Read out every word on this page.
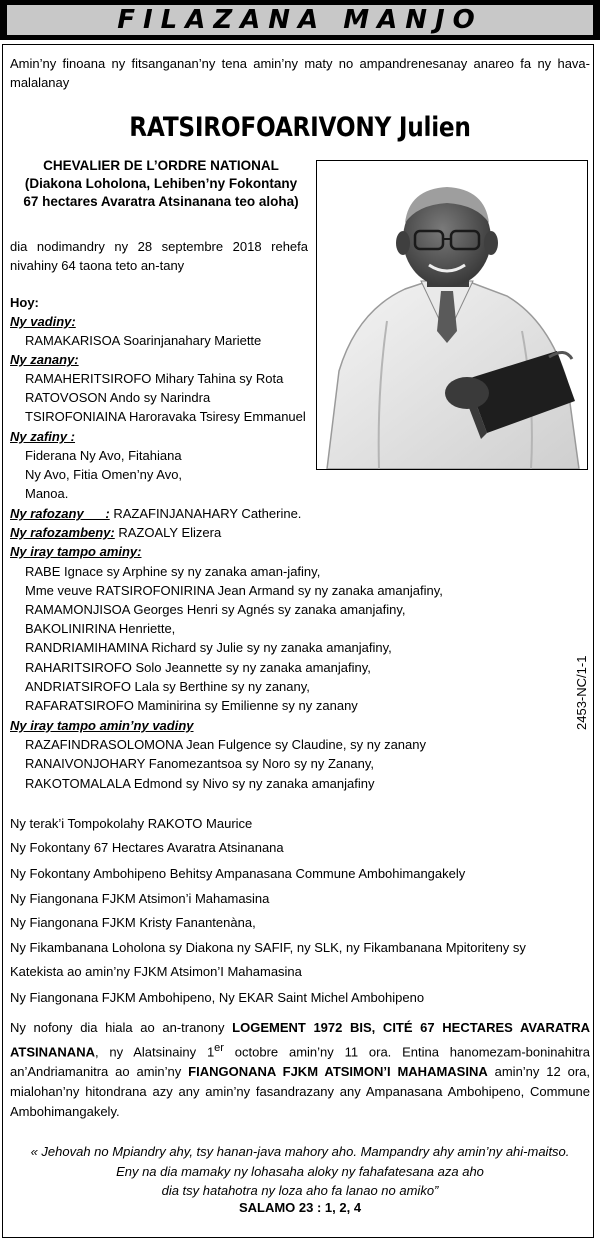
FILAZANA MANJO
Amin’ny finoana ny fitsanganan’ny tena amin’ny maty no ampandrenesanay anareo fa ny hava-malalanay
RATSIROFOARIVONY Julien
CHEVALIER DE L’ORDRE NATIONAL
(Diakona Loholona, Lehiben’ny Fokontany
67 hectares Avaratra Atsinanana teo aloha)
dia nodimandry ny 28 septembre 2018 rehefa nivahiny 64 taona teto an-tany
Hoy:
Ny vadiny:
RAMAKARISOA Soarinjanahary Mariette
Ny zanany:
RAMAHERITSIROFO Mihary Tahina sy Rota
RATOVOSON Ando sy Narindra
TSIROFONIAINA Haroravaka Tsiresy Emmanuel
Ny zafiny :
Fiderana Ny Avo, Fitahiana
Ny Avo, Fitia Omen’ny Avo,
Manoa.
Ny rafozany      : RAZAFINJANAHARY Catherine.
Ny rafozambeny: RAZOALY Elizera
Ny iray tampo aminy:
RABE Ignace sy Arphine sy ny zanaka aman-jafiny,
Mme veuve RATSIROFONIRINA Jean Armand sy ny zanaka amanjafiny,
RAMAMONJISOA Georges Henri sy Agnés sy zanaka amanjafiny,
BAKOLINIRINA Henriette,
RANDRIAMIHAMINA Richard sy Julie sy ny zanaka amanjafiny,
RAHARITSIROFO Solo Jeannette sy ny zanaka amanjafiny,
ANDRIATSIROFO Lala sy Berthine sy ny zanany,
RAFARATSIROFO Maminirina sy Emilienne sy ny zanany
Ny iray tampo amin’ny vadiny
RAZAFINDRASOLOMONA Jean Fulgence sy Claudine, sy ny zanany
RANAIVONJOHARY Fanomezantsoa sy Noro sy ny Zanany,
RAKOTOMALALA Edmond sy Nivo sy ny zanaka amanjafiny
Ny terak’i Tompokolahy RAKOTO Maurice
Ny Fokontany 67 Hectares Avaratra Atsinanana
Ny Fokontany Ambohipeno Behitsy Ampanasana Commune Ambohimangakely
Ny Fiangonana FJKM Atsimon’i Mahamasina
Ny Fiangonana FJKM Kristy Fanantenàna,
Ny Fikambanana Loholona sy Diakona ny SAFIF, ny SLK, ny Fikambanana Mpitoriteny sy
Katekista ao amin’ny FJKM Atsimon’I Mahamasina
Ny Fiangonana FJKM Ambohipeno, Ny EKAR Saint Michel Ambohipeno
Ny nofony dia hiala ao an-tranony LOGEMENT 1972 BIS, CITÉ 67 HECTARES AVARATRA ATSINANANA, ny Alatsinainy 1er octobre amin’ny 11 ora. Entina hanomezam-boninahitra an’Andriamanitra ao amin’ny FIANGONANA FJKM ATSIMON’I MAHAMASINA amin’ny 12 ora, mialohan’ny hitondrana azy any amin’ny fasandrazany any Ampanasana Ambohipeno, Commune Ambohimangakely.
« Jehovah no Mpiandry ahy, tsy hanan-java mahory aho. Mampandry ahy amin’ny ahi-maitso.
Eny na dia mamaky ny lohasaha aloky ny fahafatesana aza aho
dia tsy hatahotra ny loza aho fa lanao no amiko”
SALAMO 23 : 1, 2, 4
2453-NC/1-1
